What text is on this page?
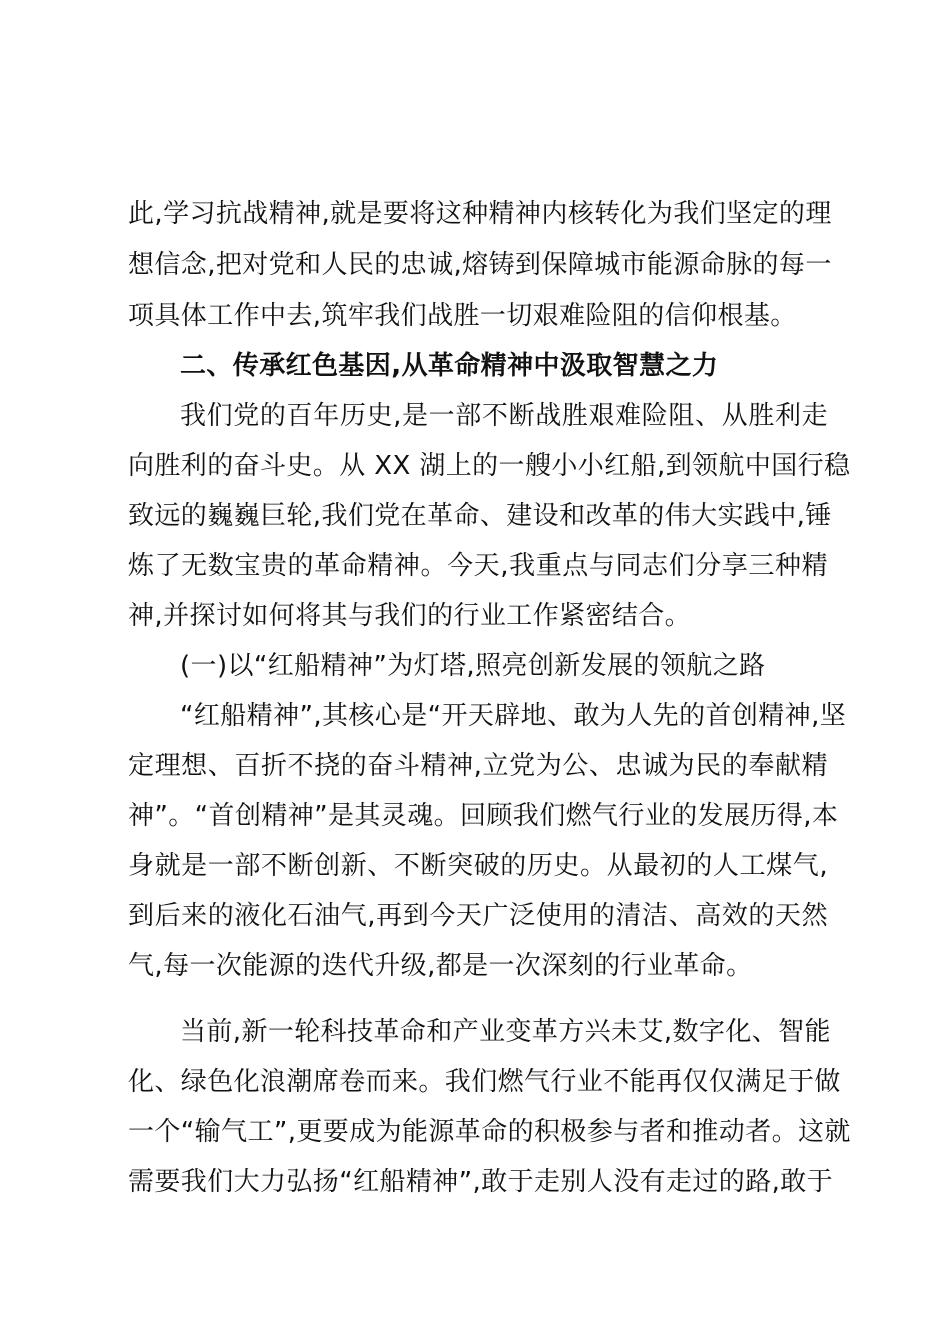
此,学习抗战精神,就是要将这种精神内核转化为我们坚定的理
想信念,把对党和人民的忠诚,熔铸到保障城市能源命脉的每一
项具体工作中去,筑牢我们战胜一切艰难险阻的信仰根基。
二、传承红色基因,从革命精神中汲取智慧之力
我们党的百年历史,是一部不断战胜艰难险阻、从胜利走
向胜利的奋斗史。从 XX 湖上的一艘小小红船,到领航中国行稳
致远的巍巍巨轮,我们党在革命、建设和改革的伟大实践中,锤
炼了无数宝贵的革命精神。今天,我重点与同志们分享三种精
神,并探讨如何将其与我们的行业工作紧密结合。
(一)以“红船精神”为灯塔,照亮创新发展的领航之路
“红船精神”,其核心是“开天辟地、敢为人先的首创精神,坚
定理想、百折不挠的奋斗精神,立党为公、忠诚为民的奉献精
神”。“首创精神”是其灵魂。回顾我们燃气行业的发展历得,本
身就是一部不断创新、不断突破的历史。从最初的人工煤气,
到后来的液化石油气,再到今天广泛使用的清洁、高效的天然
气,每一次能源的迭代升级,都是一次深刻的行业革命。
当前,新一轮科技革命和产业变革方兴未艾,数字化、智能
化、绿色化浪潮席卷而来。我们燃气行业不能再仅仅满足于做
一个“输气工”,更要成为能源革命的积极参与者和推动者。这就
需要我们大力弘扬“红船精神”,敢于走别人没有走过的路,敢于
